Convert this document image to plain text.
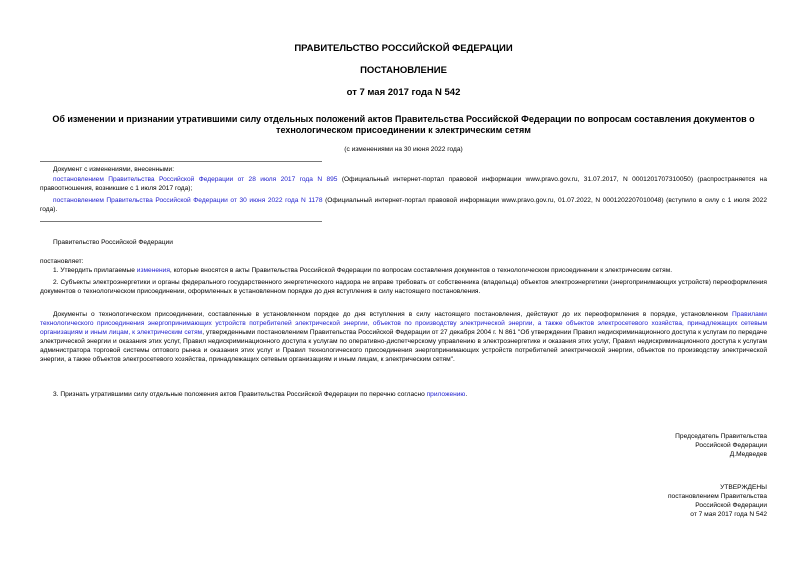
ПРАВИТЕЛЬСТВО РОССИЙСКОЙ ФЕДЕРАЦИИ
ПОСТАНОВЛЕНИЕ
от 7 мая 2017 года N 542
Об изменении и признании утратившими силу отдельных положений актов Правительства Российской Федерации по вопросам составления документов о технологическом присоединении к электрическим сетям
(с изменениями на 30 июня 2022 года)
Документ с изменениями, внесенными:
постановлением Правительства Российской Федерации от 28 июля 2017 года N 895 (Официальный интернет-портал правовой информации www.pravo.gov.ru, 31.07.2017, N 0001201707310050) (распространяется на правоотношения, возникшие с 1 июля 2017 года);
постановлением Правительства Российской Федерации от 30 июня 2022 года N 1178 (Официальный интернет-портал правовой информации www.pravo.gov.ru, 01.07.2022, N 0001202207010048) (вступило в силу с 1 июля 2022 года).
Правительство Российской Федерации
постановляет:
1. Утвердить прилагаемые изменения, которые вносятся в акты Правительства Российской Федерации по вопросам составления документов о технологическом присоединении к электрическим сетям.
2. Субъекты электроэнергетики и органы федерального государственного энергетического надзора не вправе требовать от собственника (владельца) объектов электроэнергетики (энергопринимающих устройств) переоформления документов о технологическом присоединении, оформленных в установленном порядке до дня вступления в силу настоящего постановления.
Документы о технологическом присоединении, составленные в установленном порядке до дня вступления в силу настоящего постановления, действуют до их переоформления в порядке, установленном Правилами технологического присоединения энергопринимающих устройств потребителей электрической энергии, объектов по производству электрической энергии, а также объектов электросетевого хозяйства, принадлежащих сетевым организациям и иным лицам, к электрическим сетям, утвержденными постановлением Правительства Российской Федерации от 27 декабря 2004 г. N 861 "Об утверждении Правил недискриминационного доступа к услугам по передаче электрической энергии и оказания этих услуг, Правил недискриминационного доступа к услугам по оперативно-диспетчерскому управлению в электроэнергетике и оказания этих услуг, Правил недискриминационного доступа к услугам администратора торговой системы оптового рынка и оказания этих услуг и Правил технологического присоединения энергопринимающих устройств потребителей электрической энергии, объектов по производству электрической энергии, а также объектов электросетевого хозяйства, принадлежащих сетевым организациям и иным лицам, к электрическим сетям".
3. Признать утратившими силу отдельные положения актов Правительства Российской Федерации по перечню согласно приложению.
Председатель Правительства
Российской Федерации
Д.Медведев
УТВЕРЖДЕНЫ
постановлением Правительства
Российской Федерации
от 7 мая 2017 года N 542
